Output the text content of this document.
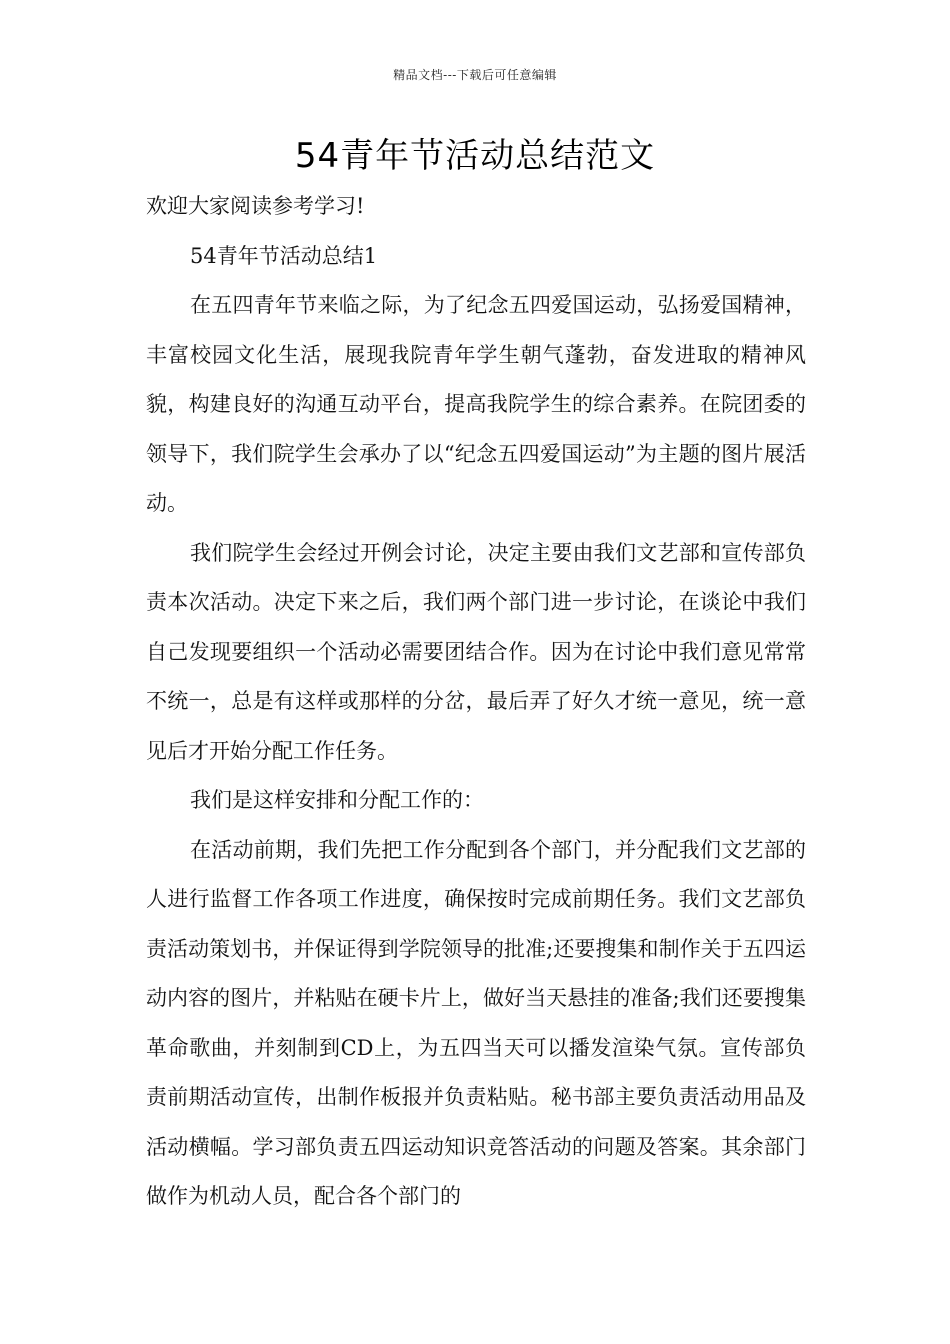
精品文档---下载后可任意编辑
54青年节活动总结范文

欢迎大家阅读参考学习!

54青年节活动总结1

在五四青年节来临之际，为了纪念五四爱国运动，弘扬爱国精神，丰富校园文化生活，展现我院青年学生朝气蓬勃，奋发进取的精神风貌，构建良好的沟通互动平台，提高我院学生的综合素养。在院团委的领导下，我们院学生会承办了以“纪念五四爱国运动”为主题的图片展活动。

我们院学生会经过开例会讨论，决定主要由我们文艺部和宣传部负责本次活动。决定下来之后，我们两个部门进一步讨论，在谈论中我们自己发现要组织一个活动必需要团结合作。因为在讨论中我们意见常常不统一，总是有这样或那样的分岔，最后弄了好久才统一意见，统一意见后才开始分配工作任务。

我们是这样安排和分配工作的：

在活动前期，我们先把工作分配到各个部门，并分配我们文艺部的人进行监督工作各项工作进度，确保按时完成前期任务。我们文艺部负责活动策划书，并保证得到学院领导的批准;还要搜集和制作关于五四运动内容的图片，并粘贴在硬卡片上，做好当天悬挂的准备;我们还要搜集革命歌曲，并刻制到CD上，为五四当天可以播发渲染气氛。宣传部负责前期活动宣传，出制作板报并负责粘贴。秘书部主要负责活动用品及活动横幅。学习部负责五四运动知识竞答活动的问题及答案。其余部门做作为机动人员，配合各个部门的
